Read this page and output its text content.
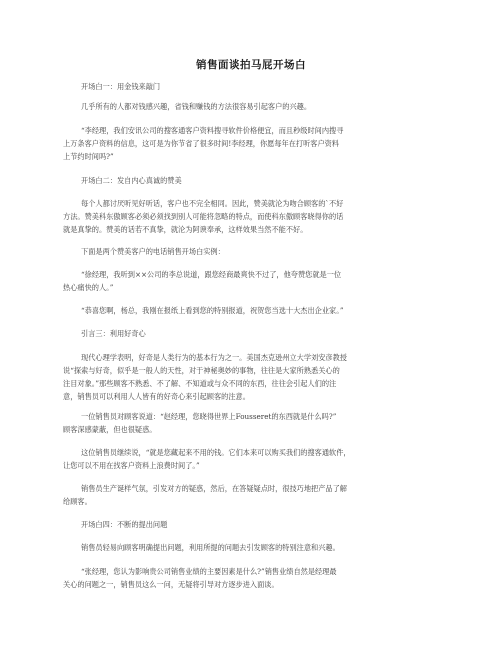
销售面谈拍马屁开场白
开场白一：用金钱来敲门
几乎所有的人都对钱感兴趣，省钱和赚钱的方法很容易引起客户的兴趣。
“李经理，我们安讯公司的搜客通客户资料搜寻软件价格便宜，而且秒级时间内搜寻
上万条客户资料的信息，这可是为你节省了很多时间!李经理，你愿每年在打听客户资料
上节约时间吗?”
开场白二：发自内心真诚的赞美
每个人都讨厌听见好听话，客户也不完全相同。因此，赞美就沦为吻合顾客的`不好
方法。赞美科东傲顾客必须必须找到别人可能将忽略的特点，而使科东傲顾客晓得你的话
就是真挚的。赞美的话若不真挚，就沦为阿谀奉承，这样效果当然不能不好。
下面是两个赞美客户的电话销售开场白实例：
“徐经理，我听到××公司的李总说道，跟您经商最爽快不过了，他夸赞您就是一位
热心痛快的人。”
“恭喜您啊，杨总，我刚在报纸上看到您的特别报道，祝贺您当选十大杰出企业家。”
引言三：利用好奇心
现代心理学表明，好奇是人类行为的基本行为之一。美国杰克逊州立大学刘安彦教授
说“探索与好奇，似乎是一般人的天性，对于神秘奥妙的事物，往往是大家所熟悉关心的
注目对象。”那些顾客不熟悉、不了解、不知道或与众不同的东西，往往会引起人们的注
意，销售员可以利用人人皆有的好奇心来引起顾客的注意。
一位销售员对顾客说道：“赵经理，您晓得世界上Fousseret的东西就是什么吗?”
顾客深感蒙蔽，但也很疑惑。
这位销售员继续说，“就是您藏起来不用的钱。它们本来可以购买我们的搜客通软件，
让您可以不用在找客户资料上浪费时间了。”
销售员生产诞样气氛，引发对方的疑惑，然后，在答疑疑点时，很技巧地把产品了解
给顾客。
开场白四：不断的提出问题
销售员轻易向顾客明确提出问题，利用所提的问题去引发顾客的特别注意和兴趣。
“张经理，您认为影响贵公司销售业绩的主要因素是什么?”销售业绩自然是经理最
关心的问题之一，销售员这么一问，无疑将引导对方逐步进入面谈。
